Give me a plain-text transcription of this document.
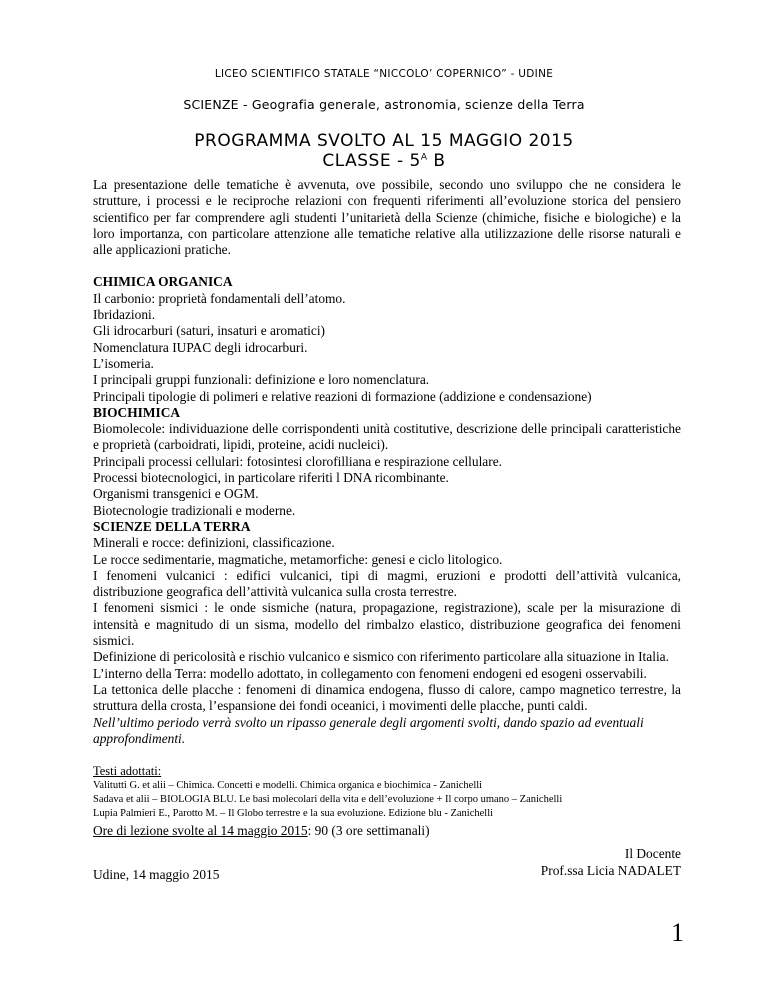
LICEO SCIENTIFICO STATALE “NICCOLO’ COPERNICO” - UDINE
SCIENZE - Geografia generale, astronomia, scienze della Terra
PROGRAMMA SVOLTO AL 15 MAGGIO 2015
CLASSE - $5^A$ B

La presentazione delle tematiche è avvenuta, ove possibile, secondo uno sviluppo che ne considera le strutture, i processi e le reciproche relazioni con frequenti riferimenti all’evoluzione storica del pensiero scientifico per far comprendere agli studenti l’unitarietà della Scienze (chimiche, fisiche e biologiche) e la loro importanza, con particolare attenzione alle tematiche relative alla utilizzazione delle risorse naturali e alle applicazioni pratiche.

CHIMICA ORGANICA

Il carbonio: proprietà fondamentali dell’atomo.

Ibridazioni.

Gli idrocarburi (saturi, insaturi e aromatici)

Nomenclatura IUPAC degli idrocarburi.

L’isomeria.

I principali gruppi funzionali: definizione e loro nomenclatura.

Principali tipologie di polimeri e relative reazioni di formazione (addizione e condensazione)

BIOCHIMICA

Biomolecole: individuazione delle corrispondenti unità costitutive, descrizione delle principali caratteristiche e proprietà (carboidrati, lipidi, proteine, acidi nucleici).

Principali processi cellulari: fotosintesi clorofilliana e respirazione cellulare.

Processi biotecnologici, in particolare riferiti l DNA ricombinante.

Organismi transgenici e OGM.

Biotecnologie tradizionali e moderne.

SCIENZE DELLA TERRA

Minerali e rocce: definizioni, classificazione.

Le rocce sedimentarie, magmatiche, metamorfiche: genesi e ciclo litologico.

I fenomeni vulcanici : edifici vulcanici, tipi di magmi, eruzioni e prodotti dell’attività vulcanica, distribuzione geografica dell’attività vulcanica sulla crosta terrestre.

I fenomeni sismici : le onde sismiche (natura, propagazione, registrazione), scale per la misurazione di intensità e magnitudo di un sisma, modello del rimbalzo elastico, distribuzione geografica dei fenomeni sismici.

Definizione di pericolosità e rischio vulcanico e sismico con riferimento particolare alla situazione in Italia.

L’interno della Terra: modello adottato, in collegamento con fenomeni endogeni ed esogeni osservabili.

La tettonica delle placche : fenomeni di dinamica endogena, flusso di calore, campo magnetico terrestre, la struttura della crosta, l’espansione dei fondi oceanici, i movimenti delle placche, punti caldi.

Nell’ultimo periodo verrà svolto un ripasso generale degli argomenti svolti, dando spazio ad eventuali approfondimenti.

Testi adottati:

Valitutti G. et alii – Chimica. Concetti e modelli. Chimica organica e biochimica - Zanichelli

Sadava et alii – BIOLOGIA BLU. Le basi molecolari della vita e dell’evoluzione + Il corpo umano – Zanichelli

Lupia Palmieri E., Parotto M. – Il Globo terrestre e la sua evoluzione. Edizione blu - Zanichelli

Ore di lezione svolte al 14 maggio 2015: 90 (3 ore settimanali)

Udine, 14 maggio 2015

Il Docente
Prof.ssa Licia NADALET
1
